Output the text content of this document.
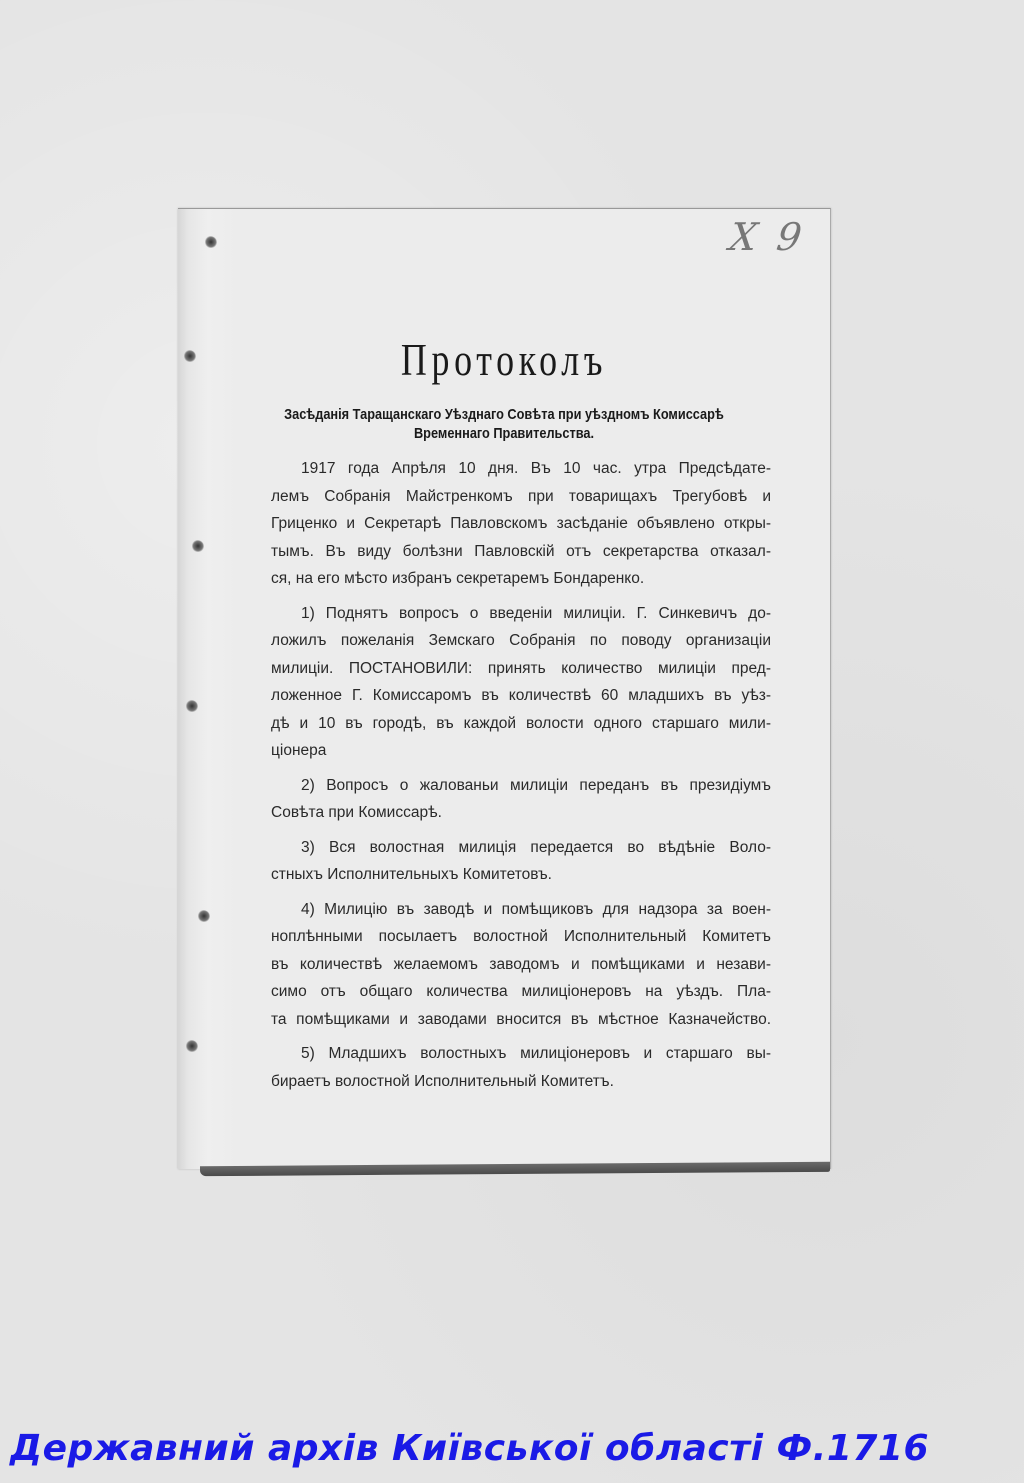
X 9
Протоколъ
Засѣданія Таращанскаго Уѣзднаго Совѣта при уѣздномъ Комиссарѣ
Временнаго Правительства.
1917 года Апрѣля 10 дня. Въ 10 час. утра Предсѣдате-
лемъ Собранія Майстренкомъ при товарищахъ Трегубовѣ и
Гриценко и Секретарѣ Павловскомъ засѣданіе объявлено откры-
тымъ. Въ виду болѣзни Павловскій отъ секретарства отказал-
ся, на его мѣсто избранъ секретаремъ Бондаренко.
1) Поднятъ вопросъ о введеніи милиціи. Г. Синкевичъ до-
ложилъ пожеланія Земскаго Собранія по поводу организаціи
милиціи. ПОСТАНОВИЛИ: принять количество милиціи пред-
ложенное Г. Комиссаромъ въ количествѣ 60 младшихъ въ уѣз-
дѣ и 10 въ городѣ, въ каждой волости одного старшаго мили-
ціонера
2) Вопросъ о жалованьи милиціи переданъ въ президіумъ
Совѣта при Комиссарѣ.
3) Вся волостная милиція передается во вѣдѣніе Воло-
стныхъ Исполнительныхъ Комитетовъ.
4) Милицію въ заводѣ и помѣщиковъ для надзора за воен-
ноплѣнными посылаетъ волостной Исполнительный Комитетъ
въ количествѣ желаемомъ заводомъ и помѣщиками и незави-
симо отъ общаго количества милиціонеровъ на уѣздъ. Пла-
та помѣщиками и заводами вносится въ мѣстное Казначейство.
5) Младшихъ волостныхъ милиціонеровъ и старшаго вы-
бираетъ волостной Исполнительный Комитетъ.
Державний архів Київської області Ф.1716
